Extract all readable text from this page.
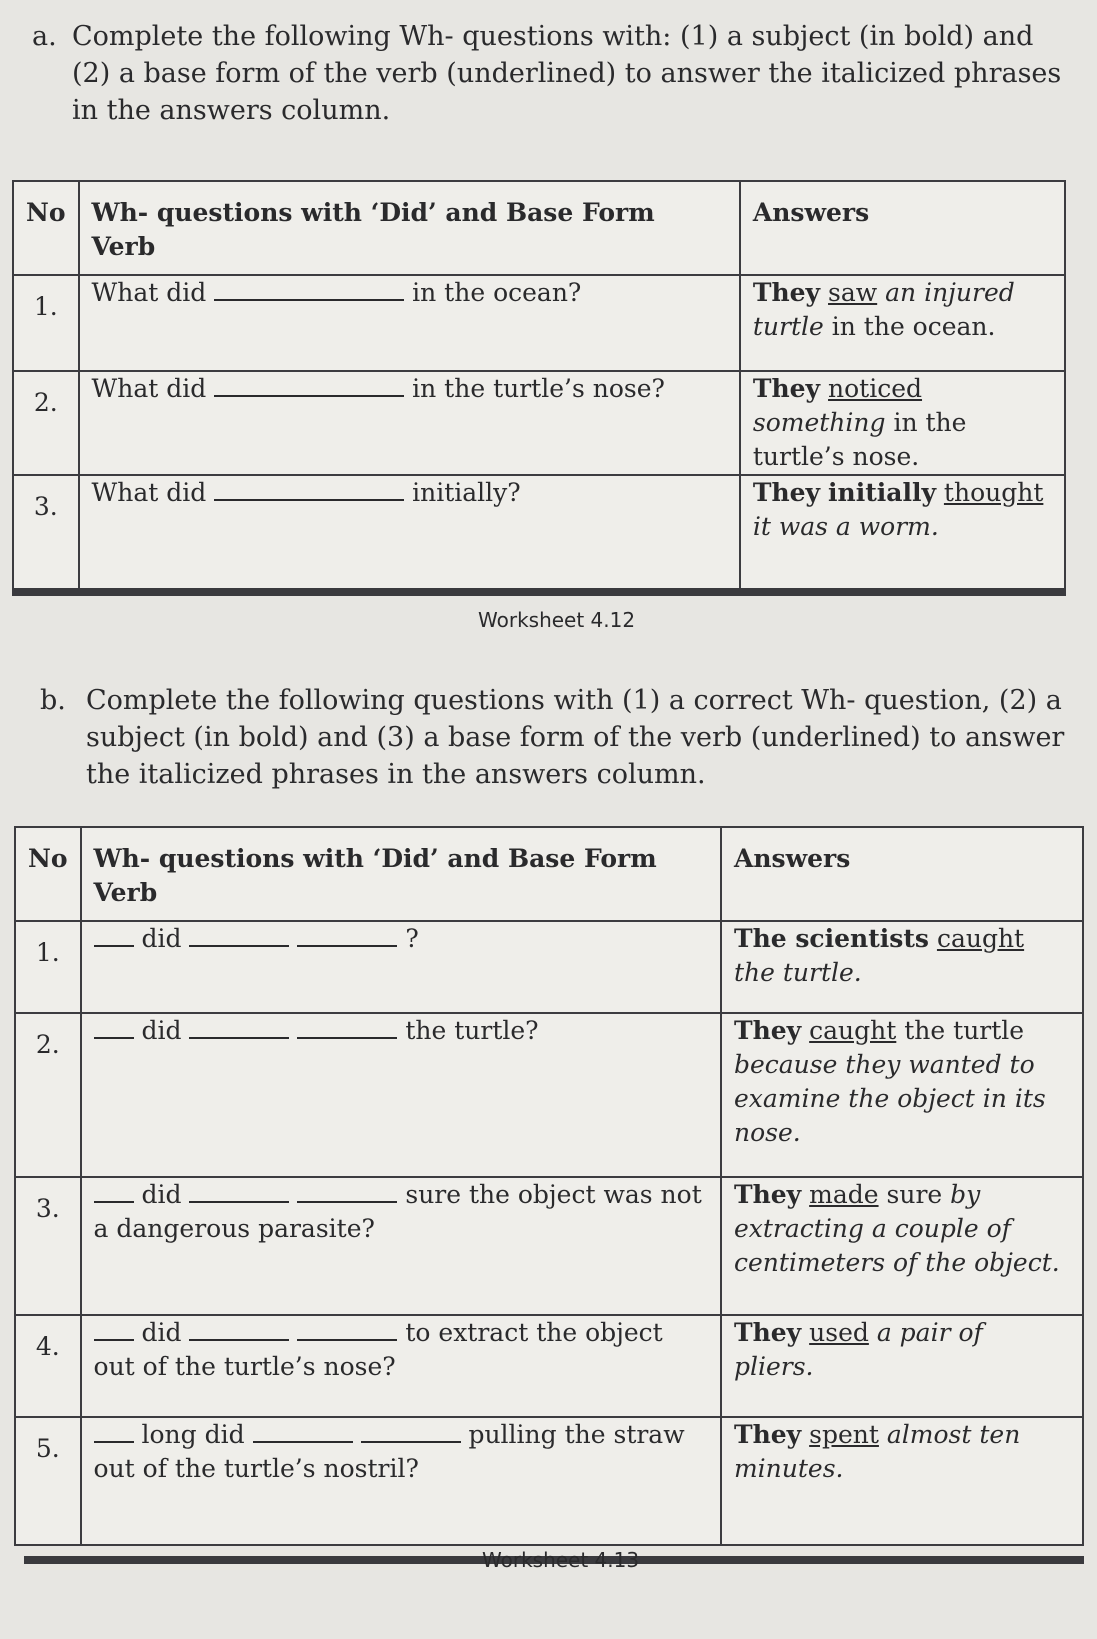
a. Complete the following Wh- questions with: (1) a subject (in bold) and (2) a base form of the verb (underlined) to answer the italicized phrases in the answers column.

No	Wh- questions with ‘Did’ and Base Form Verb	Answers
1.	What did in the ocean?	They saw an injured turtle in the ocean.
2.	What did in the turtle’s nose?	They noticed something in the turtle’s nose.
3.	What did initially?	They initially thought it was a worm.
Worksheet 4.12
b. Complete the following questions with (1) a correct Wh- question, (2) a subject (in bold) and (3) a base form of the verb (underlined) to answer the italicized phrases in the answers column.

No	Wh- questions with ‘Did’ and Base Form Verb	Answers
1.	did ?	The scientists caught the turtle.
2.	did the turtle?	They caught the turtle because they wanted to examine the object in its nose.
3.	did sure the object was not a dangerous parasite?	They made sure by extracting a couple of centimeters of the object.
4.	did to extract the object out of the turtle’s nose?	They used a pair of pliers.
5.	long did pulling the straw out of the turtle’s nostril?	They spent almost ten minutes.
Worksheet 4.13
